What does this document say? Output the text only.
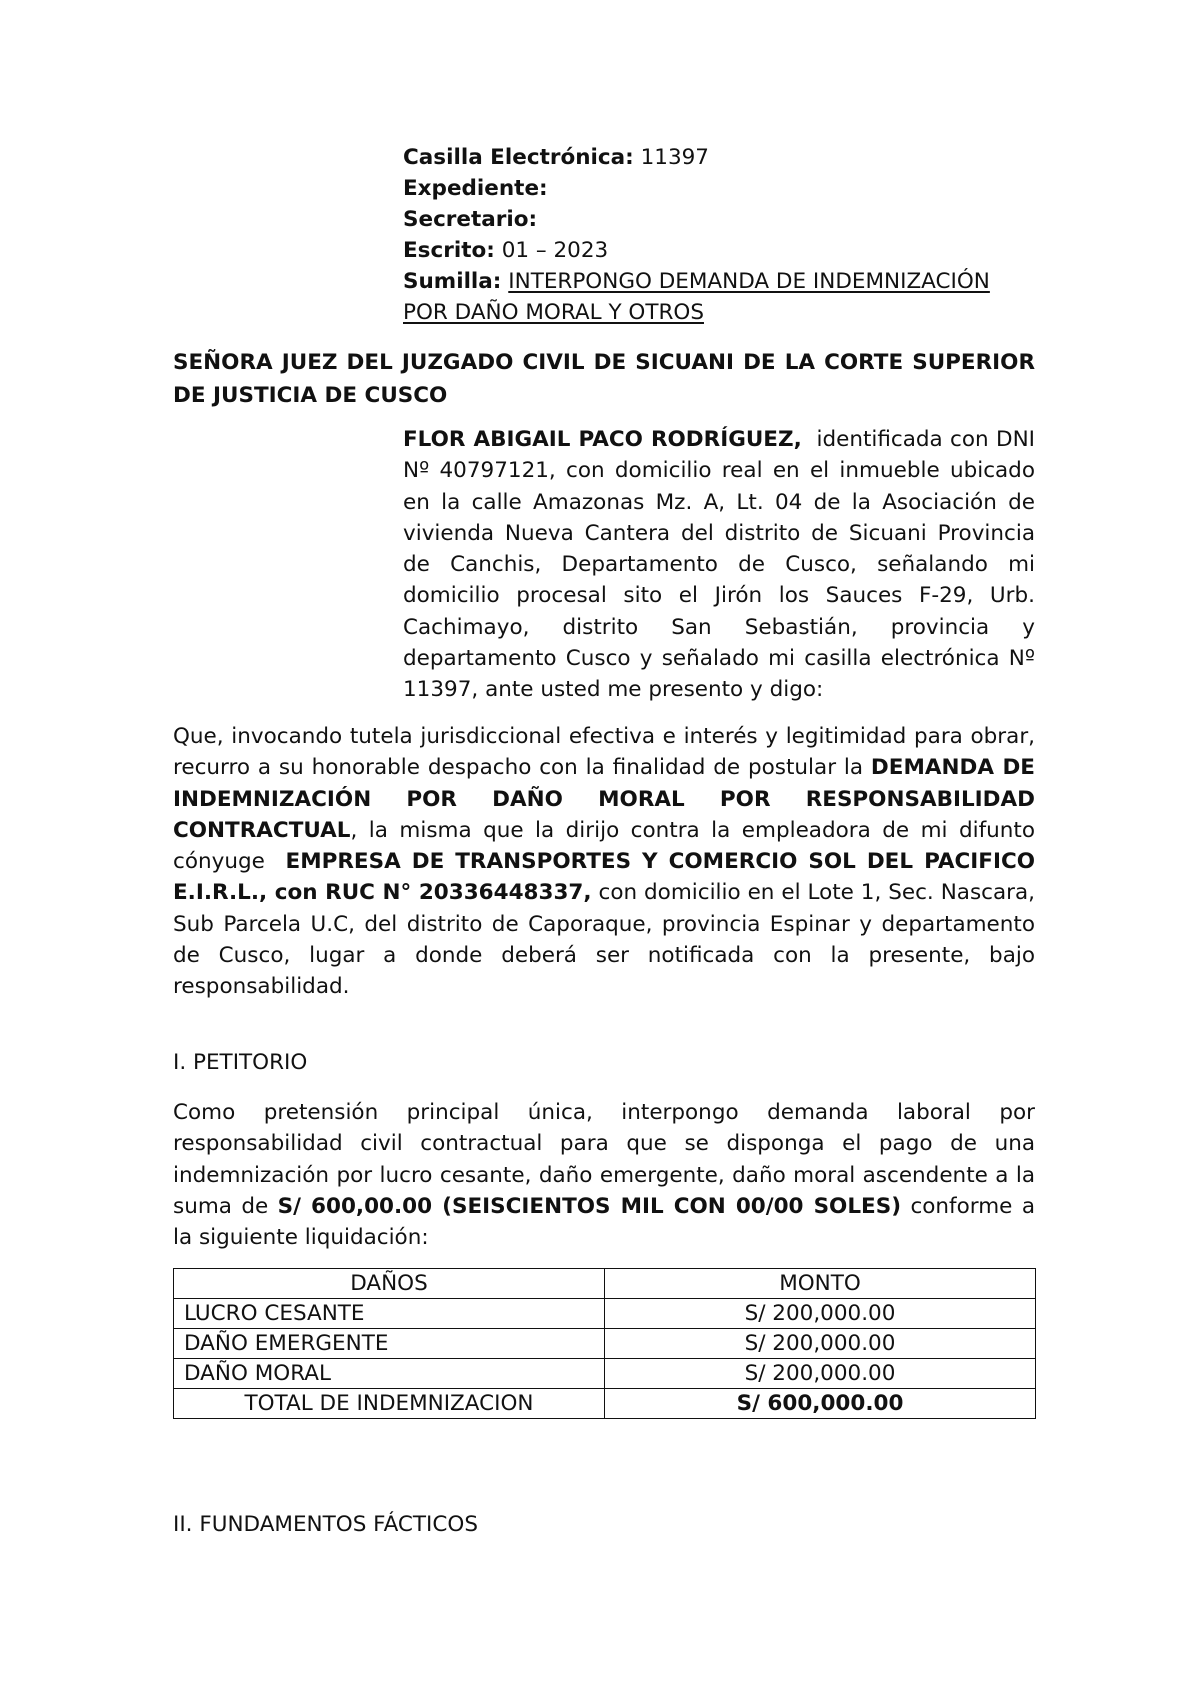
Casilla Electrónica: 11397
Expediente:
Secretario:
Escrito: 01 – 2023
Sumilla: INTERPONGO DEMANDA DE INDEMNIZACIÓN
POR DAÑO MORAL Y OTROS
SEÑORA JUEZ DEL JUZGADO CIVIL DE SICUANI DE LA CORTE SUPERIOR DE JUSTICIA DE CUSCO

FLOR ABIGAIL PACO RODRÍGUEZ, identificada con DNI Nº 40797121, con domicilio real en el inmueble ubicado en la calle Amazonas Mz. A, Lt. 04 de la Asociación de vivienda Nueva Cantera del distrito de Sicuani Provincia de Canchis, Departamento de Cusco, señalando mi domicilio procesal sito el Jirón los Sauces F-29, Urb. Cachimayo, distrito San Sebastián, provincia y departamento Cusco y señalado mi casilla electrónica Nº 11397, ante usted me presento y digo:

Que, invocando tutela jurisdiccional efectiva e interés y legitimidad para obrar, recurro a su honorable despacho con la finalidad de postular la DEMANDA DE INDEMNIZACIÓN POR DAÑO MORAL POR RESPONSABILIDAD CONTRACTUAL, la misma que la dirijo contra la empleadora de mi difunto cónyuge EMPRESA DE TRANSPORTES Y COMERCIO SOL DEL PACIFICO E.I.R.L., con RUC N° 20336448337, con domicilio en el Lote 1, Sec. Nascara, Sub Parcela U.C, del distrito de Caporaque, provincia Espinar y departamento de Cusco, lugar a donde deberá ser notificada con la presente, bajo responsabilidad.

I. PETITORIO

Como pretensión principal única, interpongo demanda laboral por responsabilidad civil contractual para que se disponga el pago de una indemnización por lucro cesante, daño emergente, daño moral ascendente a la suma de S/ 600,00.00 (SEISCIENTOS MIL CON 00/00 SOLES) conforme a la siguiente liquidación:

DAÑOS	MONTO
LUCRO CESANTE	S/ 200,000.00
DAÑO EMERGENTE	S/ 200,000.00
DAÑO MORAL	S/ 200,000.00
TOTAL DE INDEMNIZACION	S/ 600,000.00
II. FUNDAMENTOS FÁCTICOS
